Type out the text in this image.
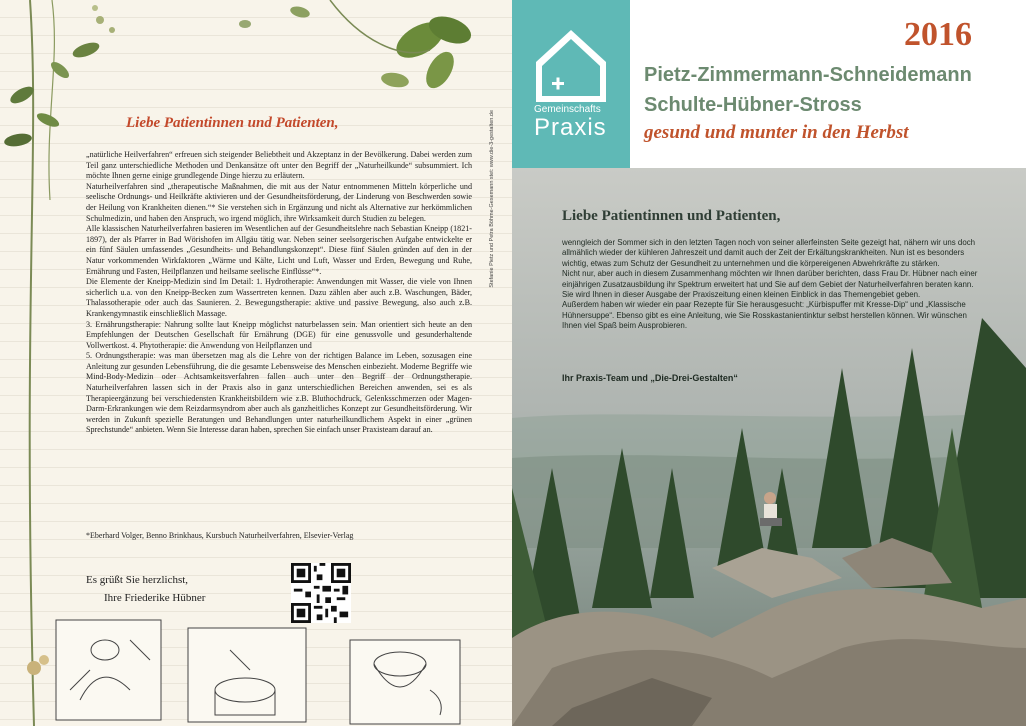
Liebe Patientinnen und Patienten,

„natürliche Heilverfahren“ erfreuen sich steigender Beliebtheit und Akzeptanz in der Bevölkerung. Dabei werden zum Teil ganz unterschiedliche Methoden und Denkansätze oft unter den Begriff der „Naturheilkunde“ subsummiert. Ich möchte Ihnen gerne einige grundlegende Dinge hierzu zu erläutern.

Naturheilverfahren sind „therapeutische Maßnahmen, die mit aus der Natur entnommenen Mitteln körperliche und seelische Ordnungs- und Heilkräfte aktivieren und der Gesundheitsförderung, der Linderung von Beschwerden sowie der Heilung von Krankheiten dienen.“* Sie verstehen sich in Ergänzung und nicht als Alternative zur herkömmlichen Schulmedizin, und haben den Anspruch, wo irgend möglich, ihre Wirksamkeit durch Studien zu belegen.

Alle klassischen Naturheilverfahren basieren im Wesentlichen auf der Gesundheitslehre nach Sebastian Kneipp (1821-1897), der als Pfarrer in Bad Wörishofen im Allgäu tätig war. Neben seiner seelsorgerischen Aufgabe entwickelte er ein fünf Säulen umfassendes „Gesundheits- und Behandlungskonzept“. Diese fünf Säulen gründen auf den in der Natur vorkommenden Wirkfaktoren „Wärme und Kälte, Licht und Luft, Wasser und Erden, Bewegung und Ruhe, Ernährung und Fasten, Heilpflanzen und heilsame seelische Einflüsse“*.

Die Elemente der Kneipp-Medizin sind Im Detail: 1. Hydrotherapie: Anwendungen mit Wasser, die viele von Ihnen sicherlich u.a. von den Kneipp-Becken zum Wassertreten kennen. Dazu zählen aber auch z.B. Waschungen, Bäder, Thalassotherapie oder auch das Saunieren. 2. Bewegungstherapie: aktive und passive Bewegung, also auch z.B. Krankengymnastik einschließlich Massage.

3. Ernährungstherapie: Nahrung sollte laut Kneipp möglichst naturbelassen sein. Man orientiert sich heute an den Empfehlungen der Deutschen Gesellschaft für Ernährung (DGE) für eine genussvolle und gesunderhaltende Vollwertkost. 4. Phytotherapie: die Anwendung von Heilpflanzen und

5. Ordnungstherapie: was man übersetzen mag als die Lehre von der richtigen Balance im Leben, sozusagen eine Anleitung zur gesunden Lebensführung, die die gesamte Lebensweise des Menschen einbezieht. Moderne Begriffe wie Mind-Body-Medizin oder Achtsamkeitsverfahren fallen auch unter den Begriff der Ordnungstherapie. Naturheilverfahren lassen sich in der Praxis also in ganz unterschiedlichen Bereichen anwenden, sei es als Therapieergänzung bei verschiedensten Krankheitsbildern wie z.B. Bluthochdruck, Gelenksschmerzen oder Magen-Darm-Erkrankungen wie dem Reizdarmsyndrom aber auch als ganzheitliches Konzept zur Gesundheitsförderung. Wir werden in Zukunft spezielle Beratungen und Behandlungen unter naturheilkundlichem Aspekt in einer „grünen Sprechstunde“ anbieten. Wenn Sie Interesse daran haben, sprechen Sie einfach unser Praxisteam darauf an.

*Eberhard Volger, Benno Brinkhaus, Kursbuch Naturheilverfahren, Elsevier-Verlag
Es grüßt Sie herzlichst,
Ihre Friederike Hübner
Stefanie Pietz und Petra Böhme-Gesemann stet: www.die-3-gestalten.de
Gemeinschafts
Praxis
2016
Pietz-Zimmermann-Schneidemann
Schulte-Hübner-Stross
gesund und munter in den Herbst
Liebe Patientinnen und Patienten,

wenngleich der Sommer sich in den letzten Tagen noch von seiner allerfeinsten Seite gezeigt hat, nähern wir uns doch allmählich wieder der kühleren Jahreszeit und damit auch der Zeit der Erkältungskrankheiten. Nun ist es besonders wichtig, etwas zum Schutz der Gesundheit zu unternehmen und die körpereigenen Abwehrkräfte zu stärken.

Nicht nur, aber auch in diesem Zusammenhang möchten wir Ihnen darüber berichten, dass Frau Dr. Hübner nach einer einjährigen Zusatzausbildung ihr Spektrum erweitert hat und Sie auf dem Gebiet der Naturheilverfahren beraten kann. Sie wird Ihnen in dieser Ausgabe der Praxiszeitung einen kleinen Einblick in das Themengebiet geben.

Außerdem haben wir wieder ein paar Rezepte für Sie herausgesucht: „Kürbispuffer mit Kresse-Dip“ und „Klassische Hühnersuppe“. Ebenso gibt es eine Anleitung, wie Sie Rosskastanientinktur selbst herstellen können. Wir wünschen Ihnen viel Spaß beim Ausprobieren.

Ihr Praxis-Team und „Die-Drei-Gestalten“
